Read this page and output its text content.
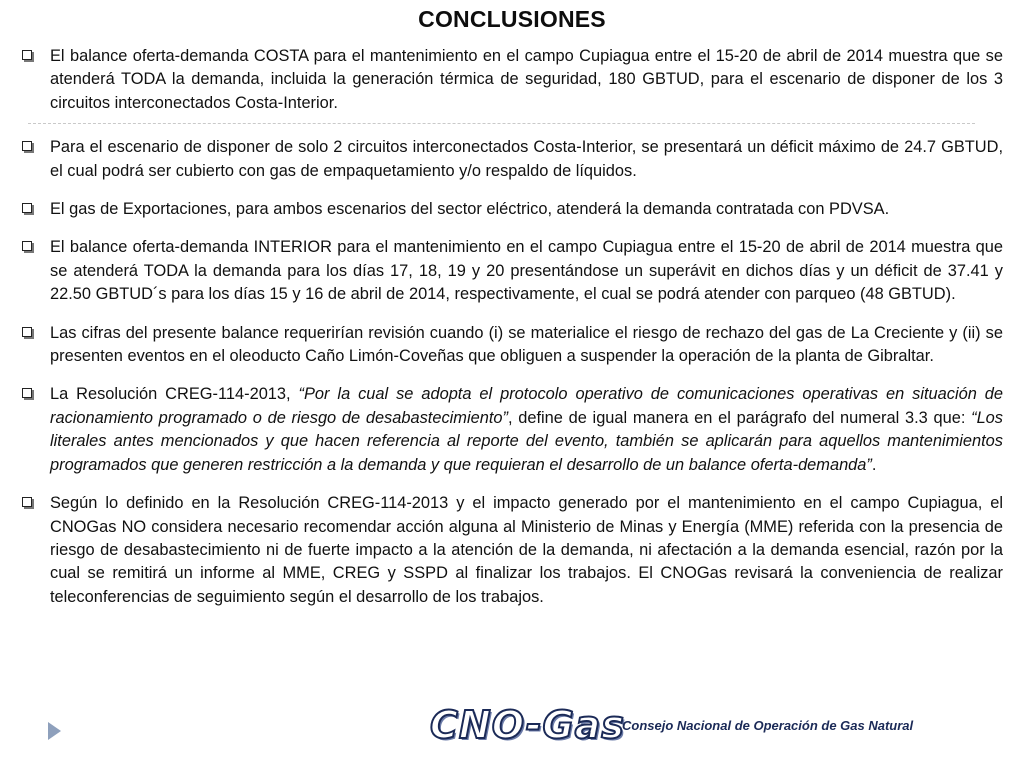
CONCLUSIONES
El balance oferta-demanda COSTA para el mantenimiento en el campo Cupiagua entre el 15-20 de abril de 2014 muestra que se atenderá TODA la demanda, incluida la generación térmica de seguridad, 180 GBTUD, para el escenario de disponer de los 3 circuitos interconectados Costa-Interior.
Para el escenario de disponer de solo 2 circuitos interconectados Costa-Interior, se presentará un déficit máximo de 24.7 GBTUD, el cual podrá ser cubierto con gas de empaquetamiento y/o respaldo de líquidos.
El gas de Exportaciones, para ambos escenarios del sector eléctrico, atenderá la demanda contratada con PDVSA.
El balance oferta-demanda INTERIOR para el mantenimiento en el campo Cupiagua entre el 15-20 de abril de 2014 muestra que se atenderá TODA la demanda para los días 17, 18, 19 y 20 presentándose un superávit en dichos días y un déficit de 37.41 y 22.50 GBTUD´s para los días 15 y 16 de abril de 2014, respectivamente, el cual se podrá atender con parqueo (48 GBTUD).
Las cifras del presente balance requerirían revisión cuando (i) se materialice el riesgo de rechazo del gas de La Creciente y (ii) se presenten eventos en el oleoducto Caño Limón-Coveñas que obliguen a suspender la operación de la planta de Gibraltar.
La Resolución CREG-114-2013, “Por la cual se adopta el protocolo operativo de comunicaciones operativas en situación de racionamiento programado o de riesgo de desabastecimiento”, define de igual manera en el parágrafo del numeral 3.3 que: “Los literales antes mencionados y que hacen referencia al reporte del evento, también se aplicarán para aquellos mantenimientos programados que generen restricción a la demanda y que requieran el desarrollo de un balance oferta-demanda”.
Según lo definido en la Resolución CREG-114-2013 y el impacto generado por el mantenimiento en el campo Cupiagua, el CNOGas NO considera necesario recomendar acción alguna al Ministerio de Minas y Energía (MME) referida con la presencia de riesgo de desabastecimiento ni de fuerte impacto a la atención de la demanda, ni afectación a la demanda esencial, razón por la cual se remitirá un informe al MME, CREG y SSPD al finalizar los trabajos. El CNOGas revisará la conveniencia de realizar teleconferencias de seguimiento según el desarrollo de los trabajos.
CNO-Gas
Consejo Nacional de Operación de Gas Natural
